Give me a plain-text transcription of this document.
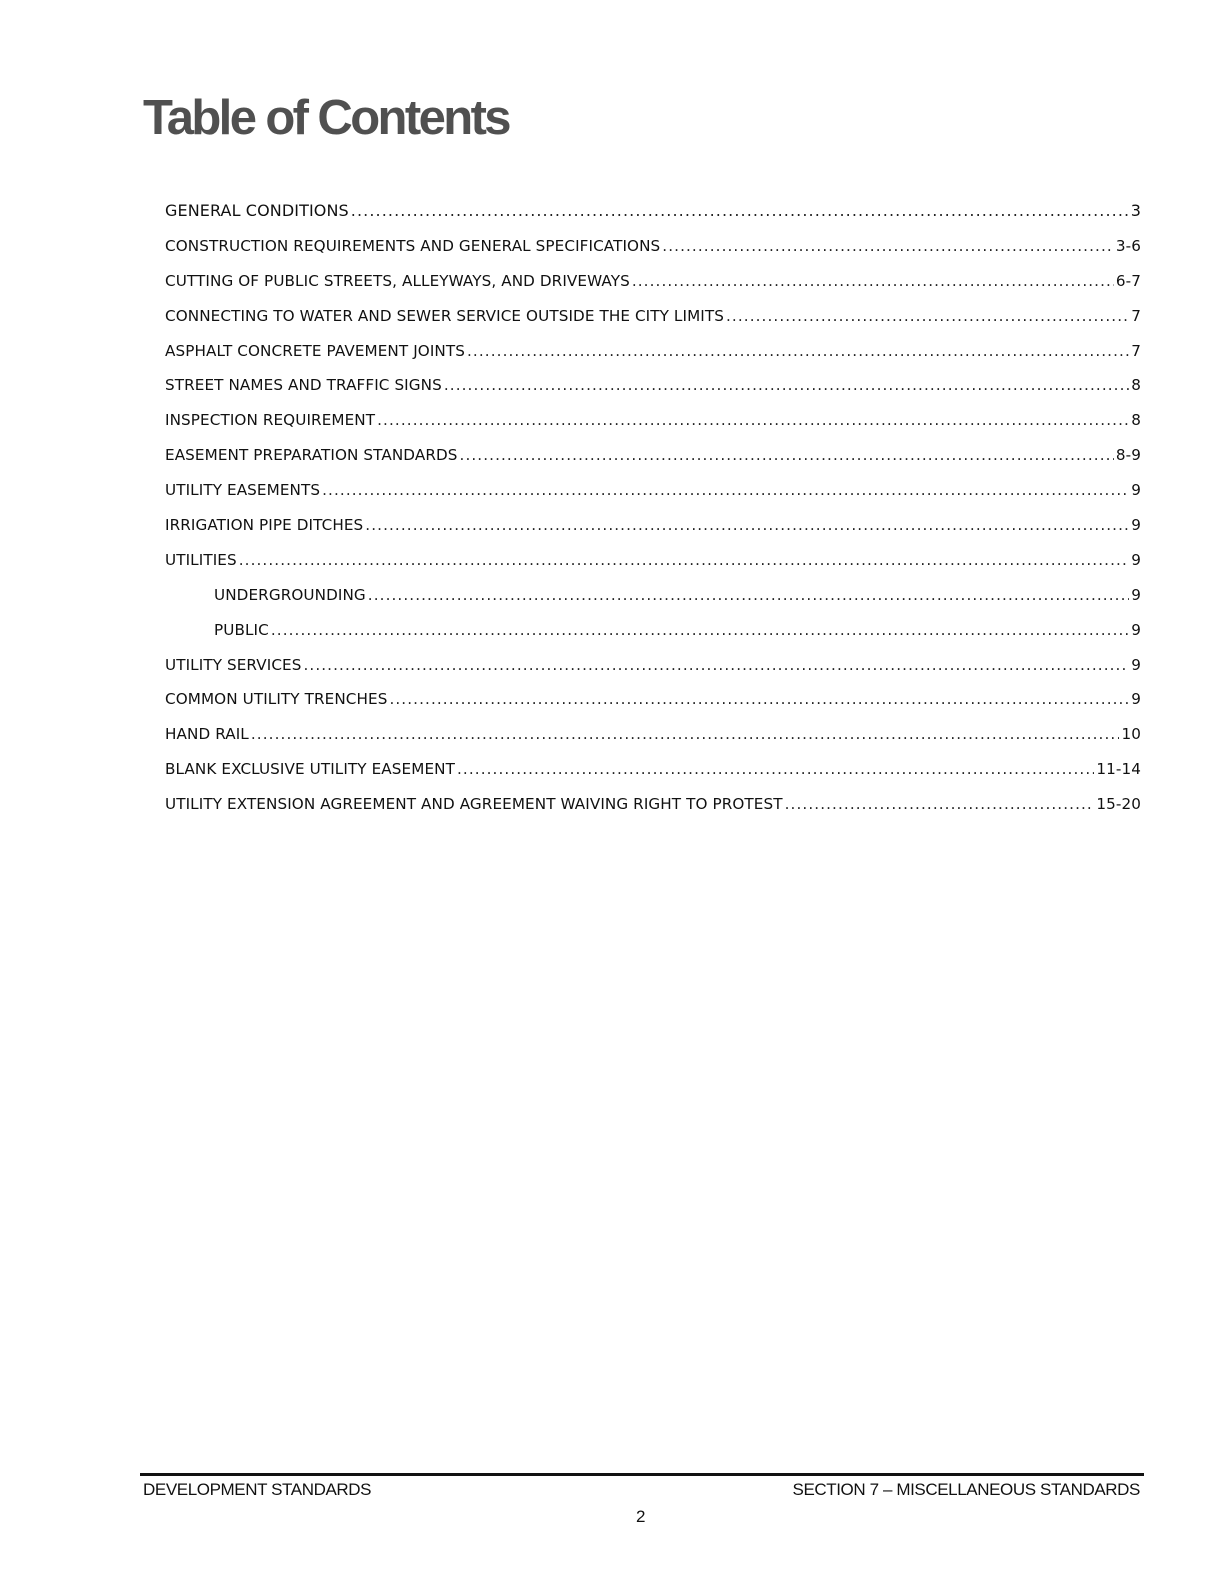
Table of Contents
GENERAL CONDITIONS .....	3
CONSTRUCTION REQUIREMENTS AND GENERAL SPECIFICATIONS .....	3-6
CUTTING OF PUBLIC STREETS, ALLEYWAYS, AND DRIVEWAYS .....	6-7
CONNECTING TO WATER AND SEWER SERVICE OUTSIDE THE CITY LIMITS .....	7
ASPHALT CONCRETE PAVEMENT JOINTS .....	7
STREET NAMES AND TRAFFIC SIGNS .....	8
INSPECTION REQUIREMENT .....	8
EASEMENT PREPARATION STANDARDS .....	8-9
UTILITY EASEMENTS .....	9
IRRIGATION PIPE DITCHES .....	9
UTILITIES .....	9
UNDERGROUNDING .....	9
PUBLIC .....	9
UTILITY SERVICES .....	9
COMMON UTILITY TRENCHES .....	9
HAND RAIL .....	10
BLANK EXCLUSIVE UTILITY EASEMENT .....	11-14
UTILITY EXTENSION AGREEMENT AND AGREEMENT WAIVING RIGHT TO PROTEST .....	15-20
DEVELOPMENT STANDARDS	SECTION 7 – MISCELLANEOUS STANDARDS
2
